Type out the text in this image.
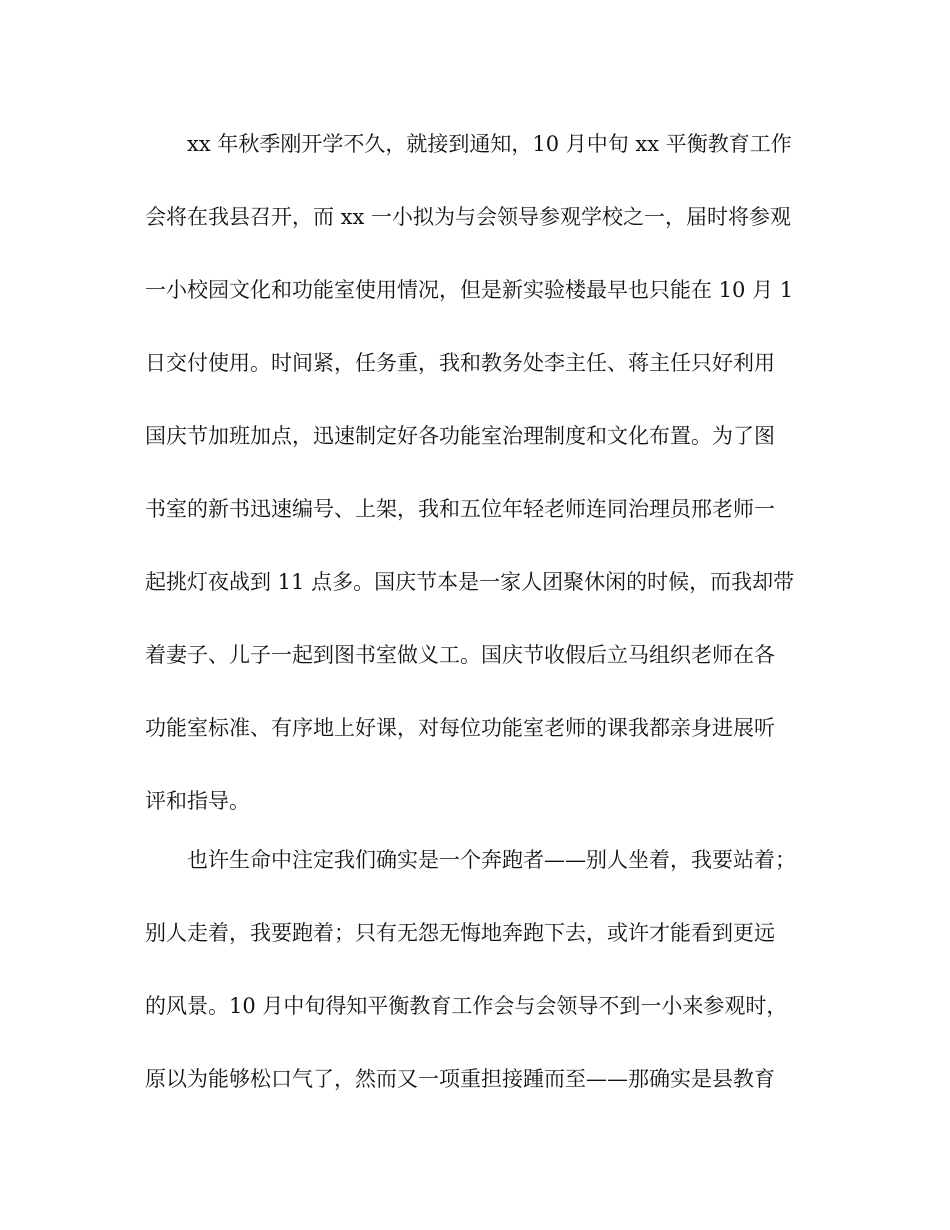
xx 年秋季刚开学不久，就接到通知，10 月中旬 xx 平衡教育工作
会将在我县召开，而 xx 一小拟为与会领导参观学校之一，届时将参观
一小校园文化和功能室使用情况，但是新实验楼最早也只能在 10 月 1
日交付使用。时间紧，任务重，我和教务处李主任、蒋主任只好利用
国庆节加班加点，迅速制定好各功能室治理制度和文化布置。为了图
书室的新书迅速编号、上架，我和五位年轻老师连同治理员邢老师一
起挑灯夜战到 11 点多。国庆节本是一家人团聚休闲的时候，而我却带
着妻子、儿子一起到图书室做义工。国庆节收假后立马组织老师在各
功能室标准、有序地上好课，对每位功能室老师的课我都亲身进展听
评和指导。
也许生命中注定我们确实是一个奔跑者——别人坐着，我要站着；
别人走着，我要跑着；只有无怨无悔地奔跑下去，或许才能看到更远
的风景。10 月中旬得知平衡教育工作会与会领导不到一小来参观时，
原以为能够松口气了，然而又一项重担接踵而至——那确实是县教育
